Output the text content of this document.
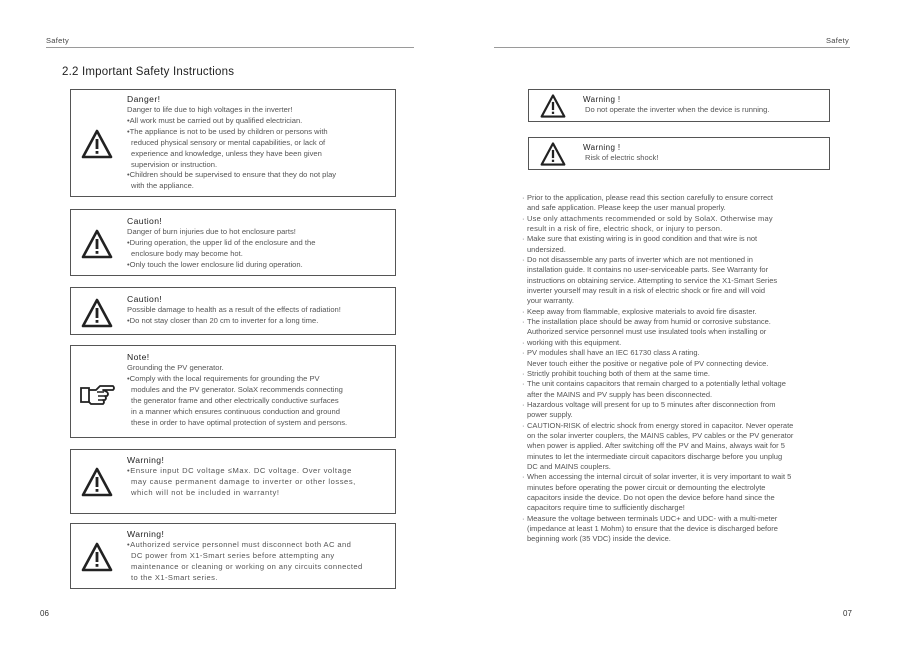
Safety	Safety
2.2 Important Safety Instructions
Danger!
Danger to life due to high voltages in the inverter!
•All work must be carried out by qualified electrician.
•The appliance is not to be used by children or persons with
reduced physical sensory or mental capabilities, or lack of
experience and knowledge, unless they have been given
supervision or instruction.
•Children should be supervised to ensure that they do not play
with the appliance.
Caution!
Danger of burn injuries due to hot enclosure parts!
•During operation, the upper lid of the enclosure and the
enclosure body may become hot.
•Only touch the lower enclosure lid during operation.
Caution!
Possible damage to health as a result of the effects of radiation!
•Do not stay closer than 20 cm to inverter for a long time.
Note!
Grounding the PV generator.
•Comply with the local requirements for grounding the PV
modules and the PV generator. SolaX recommends connecting
the generator frame and other electrically conductive surfaces
in a manner which ensures continuous conduction and ground
these in order to have optimal protection of system and persons.
Warning!
•Ensure input DC voltage ≤Max. DC voltage. Over voltage
may cause permanent damage to inverter or other losses,
which will not be included in warranty!
Warning!
•Authorized service personnel must disconnect both AC and
DC power from X1-Smart series before attempting any
maintenance or cleaning or working on any circuits connected
to the X1-Smart series.
06
Warning !
Do not operate the inverter when the device is running.
Warning !
Risk of electric shock!
· Prior to the application, please read this section carefully to ensure correct
and safe application. Please keep the user manual properly.
· Use only attachments recommended or sold by SolaX. Otherwise may
result in a risk of fire, electric shock, or injury to person.
· Make sure that existing wiring is in good condition and that wire is not
undersized.
· Do not disassemble any parts of inverter which are not mentioned in
installation guide. It contains no user-serviceable parts. See Warranty for
instructions on obtaining service. Attempting to service the X1-Smart Series
inverter yourself may result in a risk of electric shock or fire and will void
your warranty.
· Keep away from flammable, explosive materials to avoid fire disaster.
· The installation place should be away from humid or corrosive substance.
Authorized service personnel must use insulated tools when installing or
· working with this equipment.
· PV modules shall have an IEC 61730 class A rating.
Never touch either the positive or negative pole of PV connecting device.
· Strictly prohibit touching both of them at the same time.
· The unit contains capacitors that remain charged to a potentially lethal voltage
after the MAINS and PV supply has been disconnected.
· Hazardous voltage will present for up to 5 minutes after disconnection from
power supply.
· CAUTION-RISK of electric shock from energy stored in capacitor. Never operate
on the solar inverter couplers, the MAINS cables, PV cables or the PV generator
when power is applied. After switching off the PV and Mains, always wait for 5
minutes to let the intermediate circuit capacitors discharge before you unplug
DC and MAINS couplers.
· When accessing the internal circuit of solar inverter, it is very important to wait 5
minutes before operating the power circuit or demounting the electrolyte
capacitors inside the device. Do not open the device before hand since the
capacitors require time to sufficiently discharge!
· Measure the voltage between terminals UDC+ and UDC- with a multi-meter
(impedance at least 1 Mohm) to ensure that the device is discharged before
beginning work (35 VDC) inside the device.
07
